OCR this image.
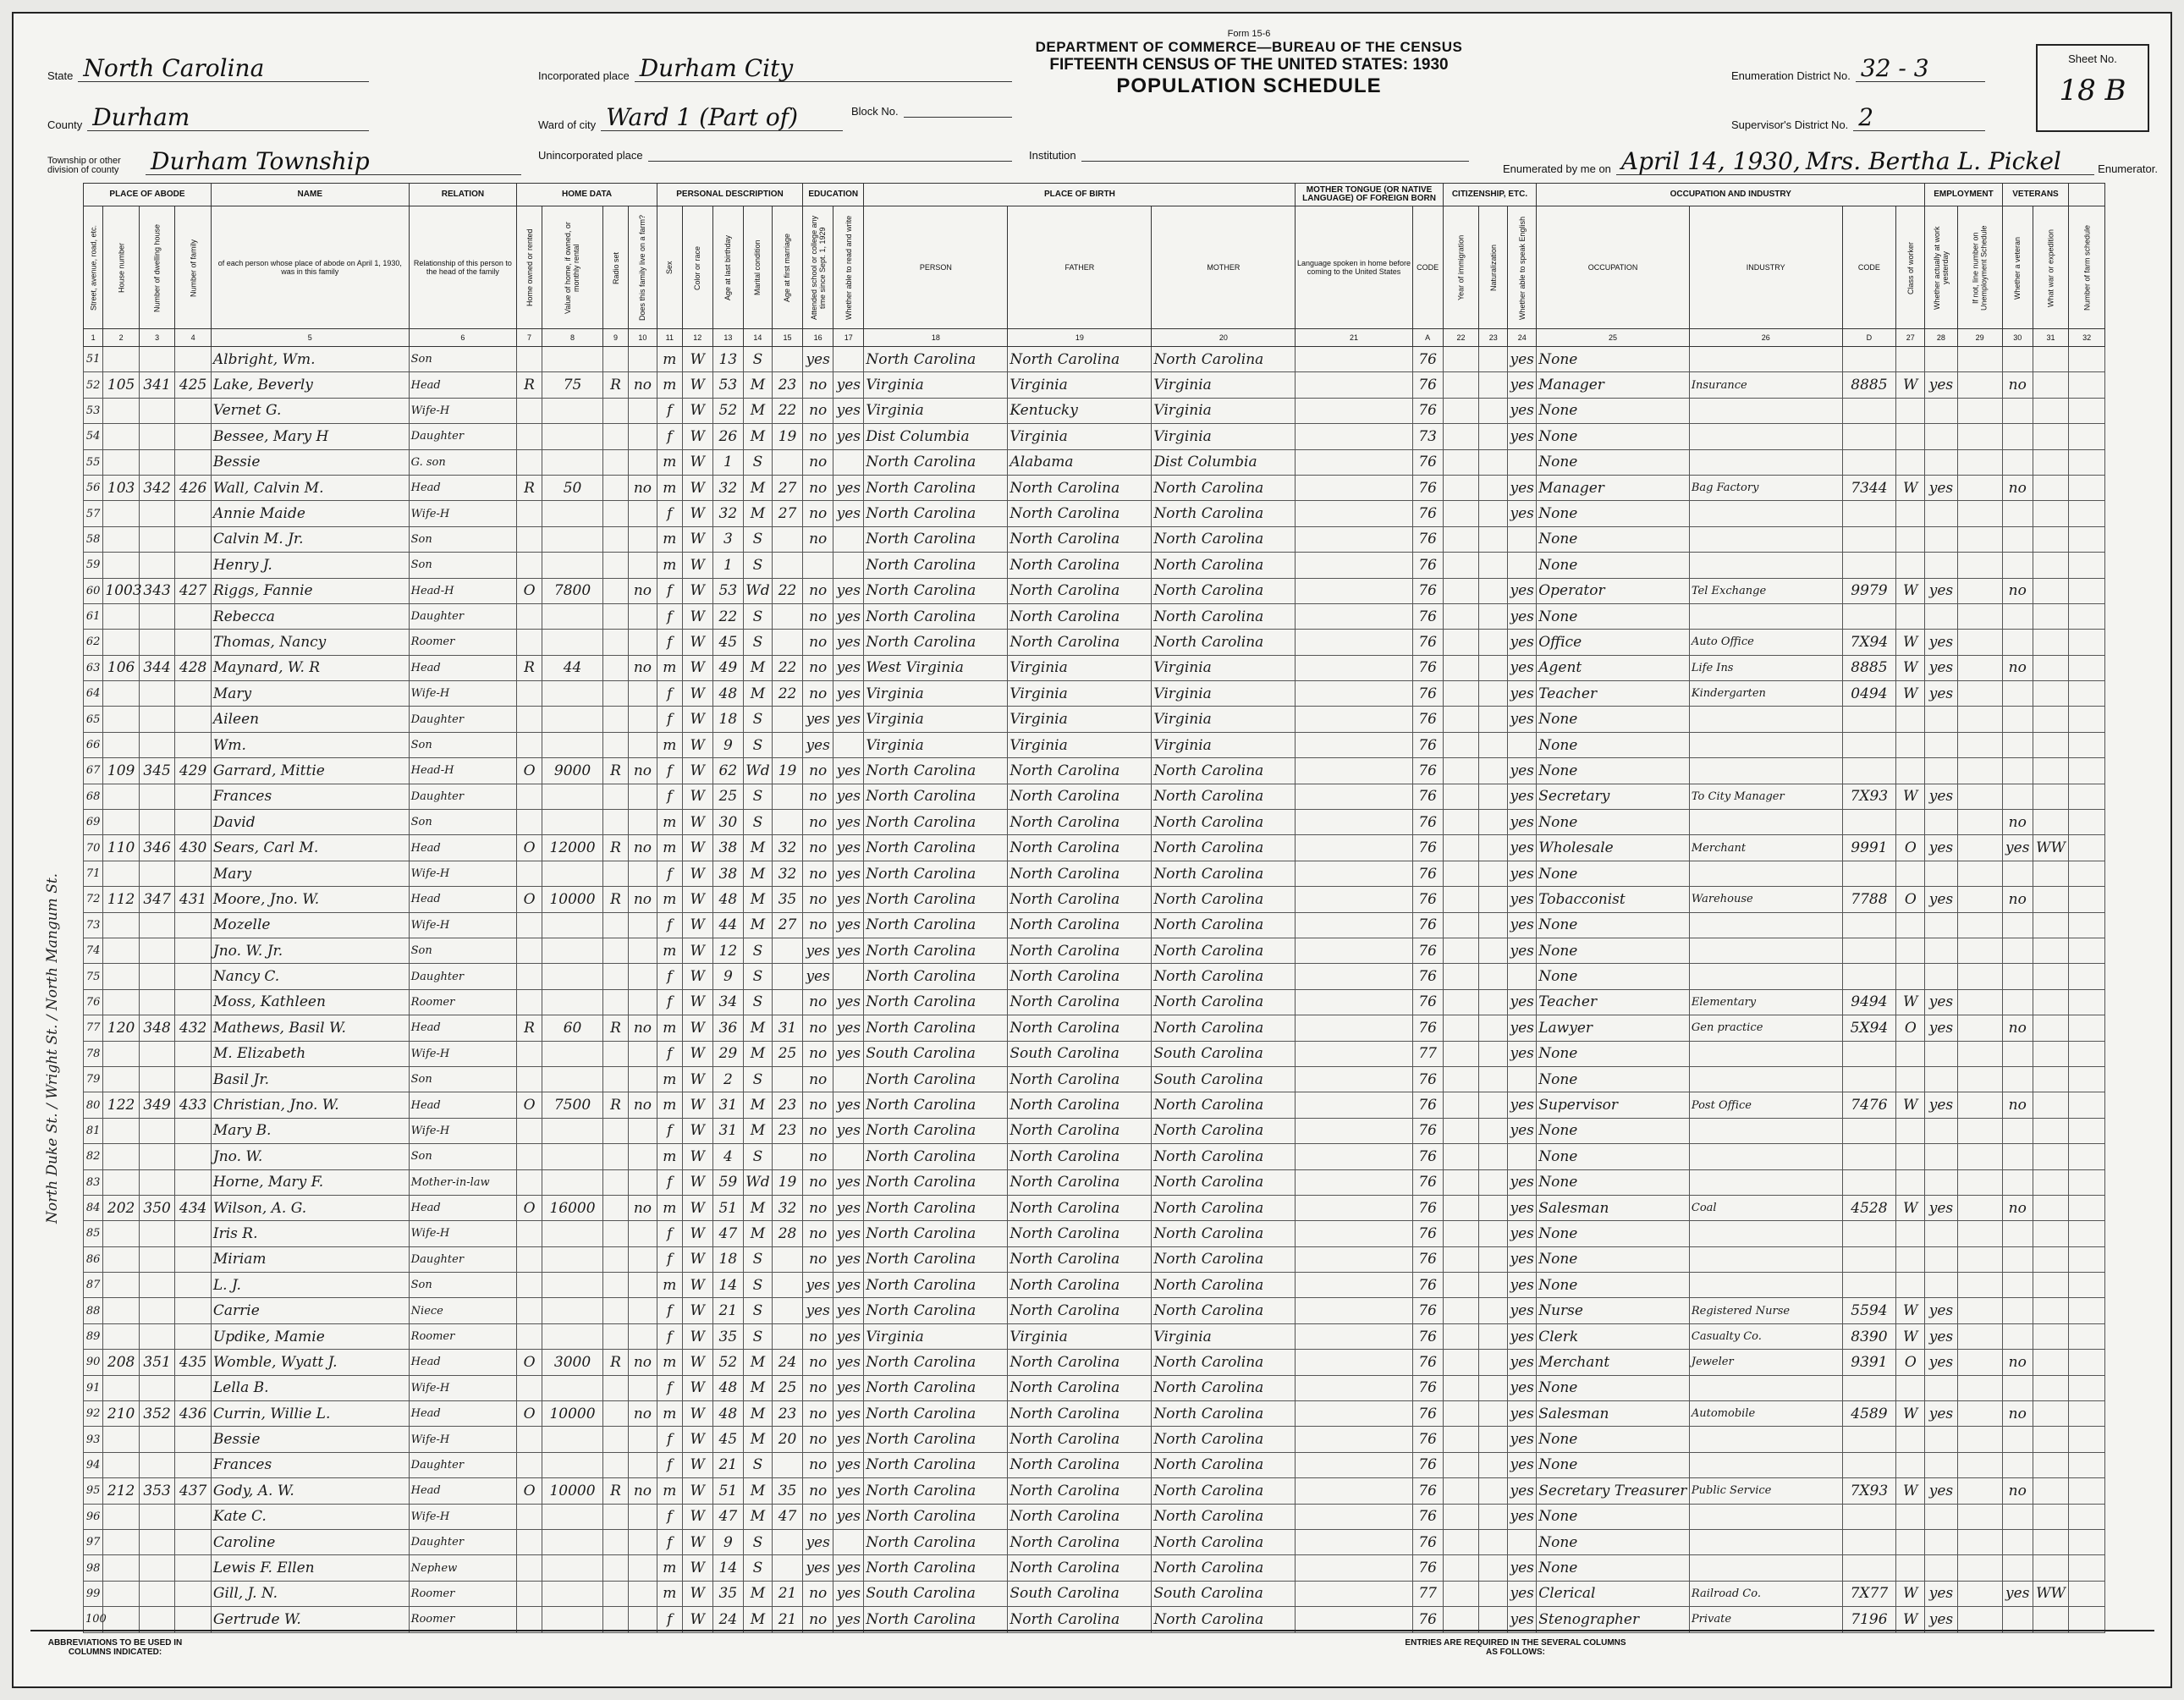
Form 15-6
DEPARTMENT OF COMMERCE—BUREAU OF THE CENSUS
FIFTEENTH CENSUS OF THE UNITED STATES: 1930
POPULATION SCHEDULE
State North Carolina
County Durham
Township or other division of county	Durham Township
Incorporated place Durham City
Ward of city Ward 1 (Part of)	Block No.
Unincorporated place	Institution
Enumeration District No. 32 - 3
Supervisor's District No. 2
Sheet No.
18 B
Enumerated by me on April 14, 1930, Mrs. Bertha L. Pickel	Enumerator.
North Duke St. / Wright St. / North Mangum St.
PLACE OF ABODE				NAME	RELATION	HOME DATA				PERSONAL DESCRIPTION					EDUCATION		PLACE OF BIRTH			MOTHER TONGUE (OR NATIVE LANGUAGE) OF FOREIGN BORN		CITIZENSHIP, ETC.			OCCUPATION AND INDUSTRY				EMPLOYMENT		VETERANS		
Street, avenue, road, etc.	House number	Number of dwelling house	Number of family	of each person whose place of abode on April 1, 1930, was in this family	Relationship of this person to the head of the family	Home owned or rented	Value of home, if owned, or monthly rental	Radio set	Does this family live on a farm?	Sex	Color or race	Age at last birthday	Marital condition	Age at first marriage	Attended school or college any time since Sept. 1, 1929	Whether able to read and write	PERSON	FATHER	MOTHER	Language spoken in home before coming to the United States	CODE	Year of immigration	Naturalization	Whether able to speak English	OCCUPATION	INDUSTRY	CODE	Class of worker	Whether actually at work yesterday	If not, line number on Unemployment Schedule	Whether a veteran	What war or expedition	Number of farm schedule
1	2	3	4	5	6	7	8	9	10	11	12	13	14	15	16	17	18	19	20	21	A	22	23	24	25	26	D	27	28	29	30	31	32
51				Albright, Wm.	Son					m	W	13	S		yes		North Carolina	North Carolina	North Carolina		76			yes	None								
52	105	341	425	Lake, Beverly	Head	R	75	R	no	m	W	53	M	23	no	yes	Virginia	Virginia	Virginia		76			yes	Manager	Insurance	8885	W	yes		no		
53				Vernet G.	Wife-H					f	W	52	M	22	no	yes	Virginia	Kentucky	Virginia		76			yes	None								
54				Bessee, Mary H	Daughter					f	W	26	M	19	no	yes	Dist Columbia	Virginia	Virginia		73			yes	None								
55				Bessie	G. son					m	W	1	S		no		North Carolina	Alabama	Dist Columbia		76				None								
56	103	342	426	Wall, Calvin M.	Head	R	50		no	m	W	32	M	27	no	yes	North Carolina	North Carolina	North Carolina		76			yes	Manager	Bag Factory	7344	W	yes		no		
57				Annie Maide	Wife-H					f	W	32	M	27	no	yes	North Carolina	North Carolina	North Carolina		76			yes	None								
58				Calvin M. Jr.	Son					m	W	3	S		no		North Carolina	North Carolina	North Carolina		76				None								
59				Henry J.	Son					m	W	1	S				North Carolina	North Carolina	North Carolina		76				None								
60	1003	343	427	Riggs, Fannie	Head-H	O	7800		no	f	W	53	Wd	22	no	yes	North Carolina	North Carolina	North Carolina		76			yes	Operator	Tel Exchange	9979	W	yes		no		
61				Rebecca	Daughter					f	W	22	S		no	yes	North Carolina	North Carolina	North Carolina		76			yes	None								
62				Thomas, Nancy	Roomer					f	W	45	S		no	yes	North Carolina	North Carolina	North Carolina		76			yes	Office	Auto Office	7X94	W	yes				
63	106	344	428	Maynard, W. R	Head	R	44		no	m	W	49	M	22	no	yes	West Virginia	Virginia	Virginia		76			yes	Agent	Life Ins	8885	W	yes		no		
64				Mary	Wife-H					f	W	48	M	22	no	yes	Virginia	Virginia	Virginia		76			yes	Teacher	Kindergarten	0494	W	yes				
65				Aileen	Daughter					f	W	18	S		yes	yes	Virginia	Virginia	Virginia		76			yes	None								
66				Wm.	Son					m	W	9	S		yes		Virginia	Virginia	Virginia		76				None								
67	109	345	429	Garrard, Mittie	Head-H	O	9000	R	no	f	W	62	Wd	19	no	yes	North Carolina	North Carolina	North Carolina		76			yes	None								
68				Frances	Daughter					f	W	25	S		no	yes	North Carolina	North Carolina	North Carolina		76			yes	Secretary	To City Manager	7X93	W	yes				
69				David	Son					m	W	30	S		no	yes	North Carolina	North Carolina	North Carolina		76			yes	None						no		
70	110	346	430	Sears, Carl M.	Head	O	12000	R	no	m	W	38	M	32	no	yes	North Carolina	North Carolina	North Carolina		76			yes	Wholesale	Merchant	9991	O	yes		yes	WW	
71				Mary	Wife-H					f	W	38	M	32	no	yes	North Carolina	North Carolina	North Carolina		76			yes	None								
72	112	347	431	Moore, Jno. W.	Head	O	10000	R	no	m	W	48	M	35	no	yes	North Carolina	North Carolina	North Carolina		76			yes	Tobacconist	Warehouse	7788	O	yes		no		
73				Mozelle	Wife-H					f	W	44	M	27	no	yes	North Carolina	North Carolina	North Carolina		76			yes	None								
74				Jno. W. Jr.	Son					m	W	12	S		yes	yes	North Carolina	North Carolina	North Carolina		76			yes	None								
75				Nancy C.	Daughter					f	W	9	S		yes		North Carolina	North Carolina	North Carolina		76				None								
76				Moss, Kathleen	Roomer					f	W	34	S		no	yes	North Carolina	North Carolina	North Carolina		76			yes	Teacher	Elementary	9494	W	yes				
77	120	348	432	Mathews, Basil W.	Head	R	60	R	no	m	W	36	M	31	no	yes	North Carolina	North Carolina	North Carolina		76			yes	Lawyer	Gen practice	5X94	O	yes		no		
78				M. Elizabeth	Wife-H					f	W	29	M	25	no	yes	South Carolina	South Carolina	South Carolina		77			yes	None								
79				Basil Jr.	Son					m	W	2	S		no		North Carolina	North Carolina	South Carolina		76				None								
80	122	349	433	Christian, Jno. W.	Head	O	7500	R	no	m	W	31	M	23	no	yes	North Carolina	North Carolina	North Carolina		76			yes	Supervisor	Post Office	7476	W	yes		no		
81				Mary B.	Wife-H					f	W	31	M	23	no	yes	North Carolina	North Carolina	North Carolina		76			yes	None								
82				Jno. W.	Son					m	W	4	S		no		North Carolina	North Carolina	North Carolina		76				None								
83				Horne, Mary F.	Mother-in-law					f	W	59	Wd	19	no	yes	North Carolina	North Carolina	North Carolina		76			yes	None								
84	202	350	434	Wilson, A. G.	Head	O	16000		no	m	W	51	M	32	no	yes	North Carolina	North Carolina	North Carolina		76			yes	Salesman	Coal	4528	W	yes		no		
85				Iris R.	Wife-H					f	W	47	M	28	no	yes	North Carolina	North Carolina	North Carolina		76			yes	None								
86				Miriam	Daughter					f	W	18	S		no	yes	North Carolina	North Carolina	North Carolina		76			yes	None								
87				L. J.	Son					m	W	14	S		yes	yes	North Carolina	North Carolina	North Carolina		76			yes	None								
88				Carrie	Niece					f	W	21	S		yes	yes	North Carolina	North Carolina	North Carolina		76			yes	Nurse	Registered Nurse	5594	W	yes				
89				Updike, Mamie	Roomer					f	W	35	S		no	yes	Virginia	Virginia	Virginia		76			yes	Clerk	Casualty Co.	8390	W	yes				
90	208	351	435	Womble, Wyatt J.	Head	O	3000	R	no	m	W	52	M	24	no	yes	North Carolina	North Carolina	North Carolina		76			yes	Merchant	Jeweler	9391	O	yes		no		
91				Lella B.	Wife-H					f	W	48	M	25	no	yes	North Carolina	North Carolina	North Carolina		76			yes	None								
92	210	352	436	Currin, Willie L.	Head	O	10000		no	m	W	48	M	23	no	yes	North Carolina	North Carolina	North Carolina		76			yes	Salesman	Automobile	4589	W	yes		no		
93				Bessie	Wife-H					f	W	45	M	20	no	yes	North Carolina	North Carolina	North Carolina		76			yes	None								
94				Frances	Daughter					f	W	21	S		no	yes	North Carolina	North Carolina	North Carolina		76			yes	None								
95	212	353	437	Gody, A. W.	Head	O	10000	R	no	m	W	51	M	35	no	yes	North Carolina	North Carolina	North Carolina		76			yes	Secretary Treasurer	Public Service	7X93	W	yes		no		
96				Kate C.	Wife-H					f	W	47	M	47	no	yes	North Carolina	North Carolina	North Carolina		76			yes	None								
97				Caroline	Daughter					f	W	9	S		yes		North Carolina	North Carolina	North Carolina		76				None								
98				Lewis F. Ellen	Nephew					m	W	14	S		yes	yes	North Carolina	North Carolina	North Carolina		76			yes	None								
99				Gill, J. N.	Roomer					m	W	35	M	21	no	yes	South Carolina	South Carolina	South Carolina		77			yes	Clerical	Railroad Co.	7X77	W	yes		yes	WW	
100				Gertrude W.	Roomer					f	W	24	M	21	no	yes	North Carolina	North Carolina	North Carolina		76			yes	Stenographer	Private	7196	W	yes				
ABBREVIATIONS TO BE USED IN COLUMNS INDICATED:
ENTRIES ARE REQUIRED IN THE SEVERAL COLUMNS AS FOLLOWS:
